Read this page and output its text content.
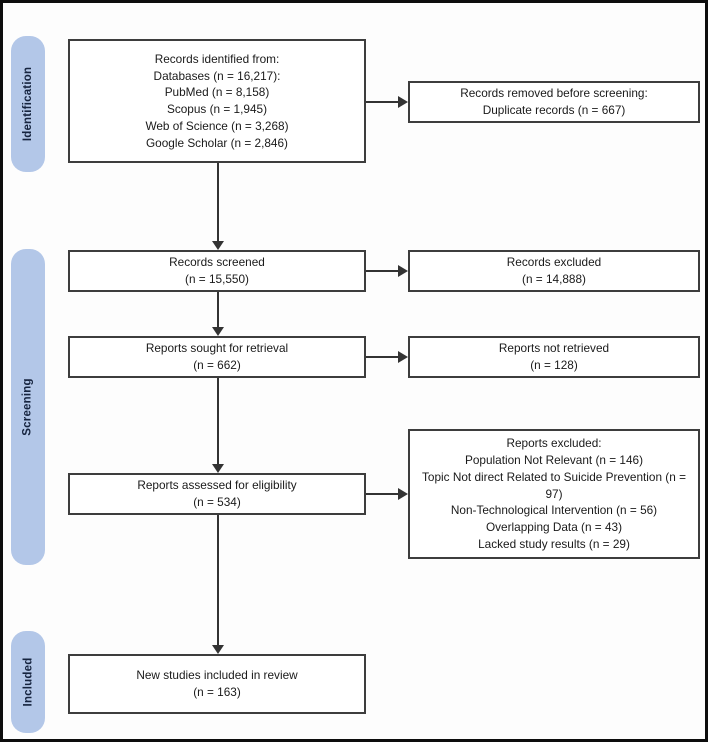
Identification
Screening
Included
Records identified from:
Databases (n = 16,217):
PubMed (n = 8,158)
Scopus (n = 1,945)
Web of Science (n = 3,268)
Google Scholar (n = 2,846)
Records screened
(n = 15,550)
Reports sought for retrieval
(n = 662)
Reports assessed for eligibility
(n = 534)
New studies included in review
(n = 163)
Records removed before screening:
Duplicate records (n = 667)
Records excluded
(n = 14,888)
Reports not retrieved
(n = 128)
Reports excluded:
Population Not Relevant (n = 146)
Topic Not direct Related to Suicide Prevention (n = 97)
Non-Technological Intervention (n = 56)
Overlapping Data (n = 43)
Lacked study results (n = 29)
